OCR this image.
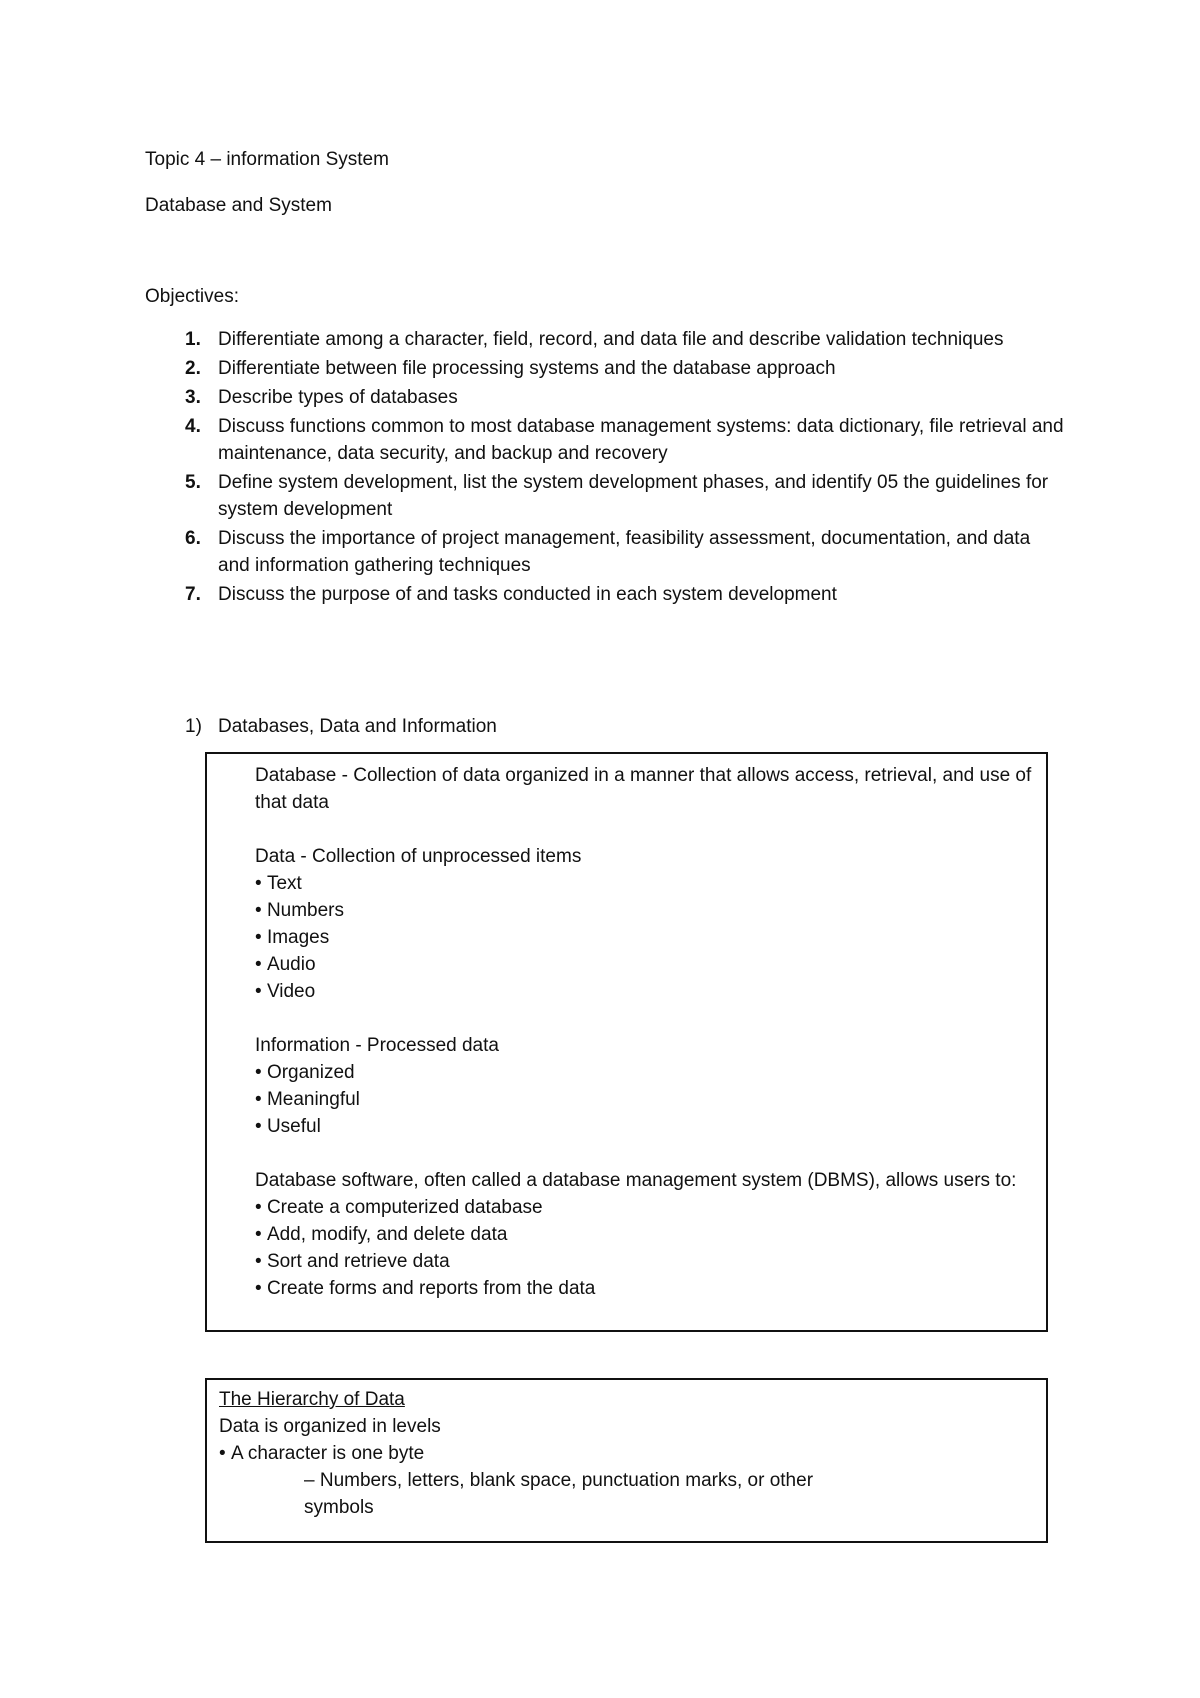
Topic 4 – information System
Database and System
Objectives:
1. Differentiate among a character, field, record, and data file and describe validation techniques
2. Differentiate between file processing systems and the database approach
3. Describe types of databases
4. Discuss functions common to most database management systems: data dictionary, file retrieval and maintenance, data security, and backup and recovery
5. Define system development, list the system development phases, and identify 05 the guidelines for system development
6. Discuss the importance of project management, feasibility assessment, documentation, and data and information gathering techniques
7. Discuss the purpose of and tasks conducted in each system development
1) Databases, Data and Information
Database - Collection of data organized in a manner that allows access, retrieval, and use of that data
Data - Collection of unprocessed items
• Text
• Numbers
• Images
• Audio
• Video
Information - Processed data
• Organized
• Meaningful
• Useful
Database software, often called a database management system (DBMS), allows users to:
• Create a computerized database
• Add, modify, and delete data
• Sort and retrieve data
• Create forms and reports from the data
The Hierarchy of Data
Data is organized in levels
• A character is one byte
– Numbers, letters, blank space, punctuation marks, or other symbols
